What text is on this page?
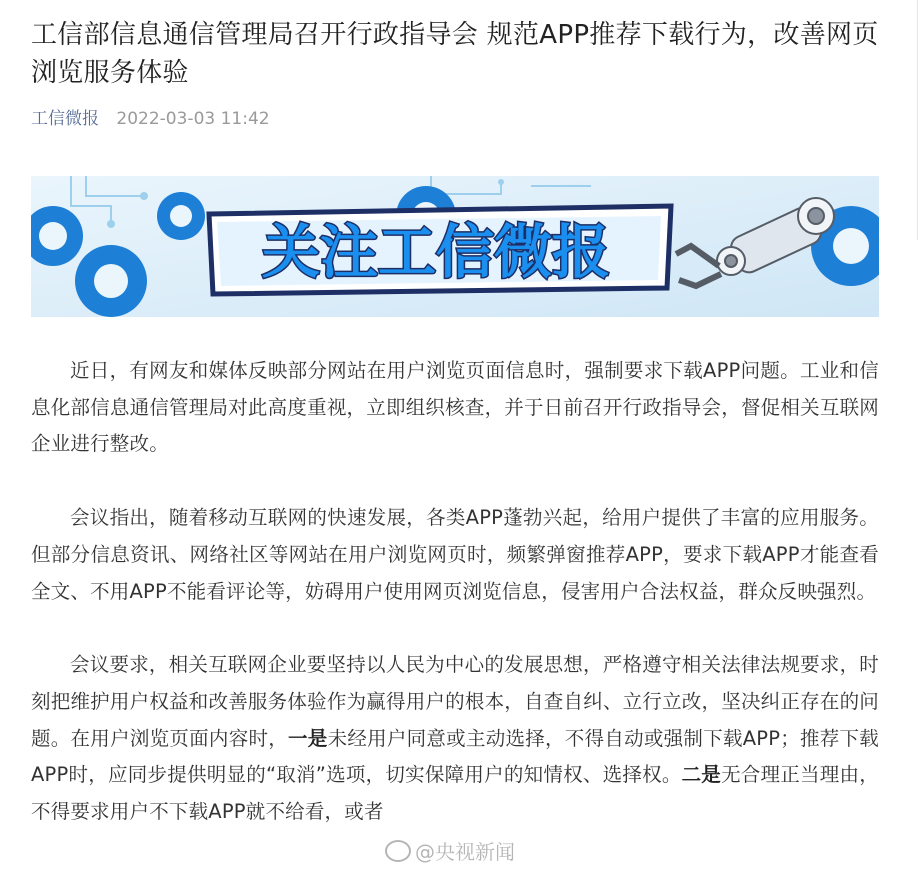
工信部信息通信管理局召开行政指导会 规范APP推荐下载行为，改善网页浏览服务体验
工信微报 2022-03-03 11:42
关注工信微报

近日，有网友和媒体反映部分网站在用户浏览页面信息时，强制要求下载APP问题。工业和信息化部信息通信管理局对此高度重视，立即组织核查，并于日前召开行政指导会，督促相关互联网企业进行整改。

会议指出，随着移动互联网的快速发展，各类APP蓬勃兴起，给用户提供了丰富的应用服务。但部分信息资讯、网络社区等网站在用户浏览网页时，频繁弹窗推荐APP，要求下载APP才能查看全文、不用APP不能看评论等，妨碍用户使用网页浏览信息，侵害用户合法权益，群众反映强烈。

会议要求，相关互联网企业要坚持以人民为中心的发展思想，严格遵守相关法律法规要求，时刻把维护用户权益和改善服务体验作为赢得用户的根本，自查自纠、立行立改，坚决纠正存在的问题。在用户浏览页面内容时，一是未经用户同意或主动选择，不得自动或强制下载APP；推荐下载APP时，应同步提供明显的“取消”选项，切实保障用户的知情权、选择权。二是无合理正当理由，不得要求用户不下载APP就不给看，或者

@央视新闻
